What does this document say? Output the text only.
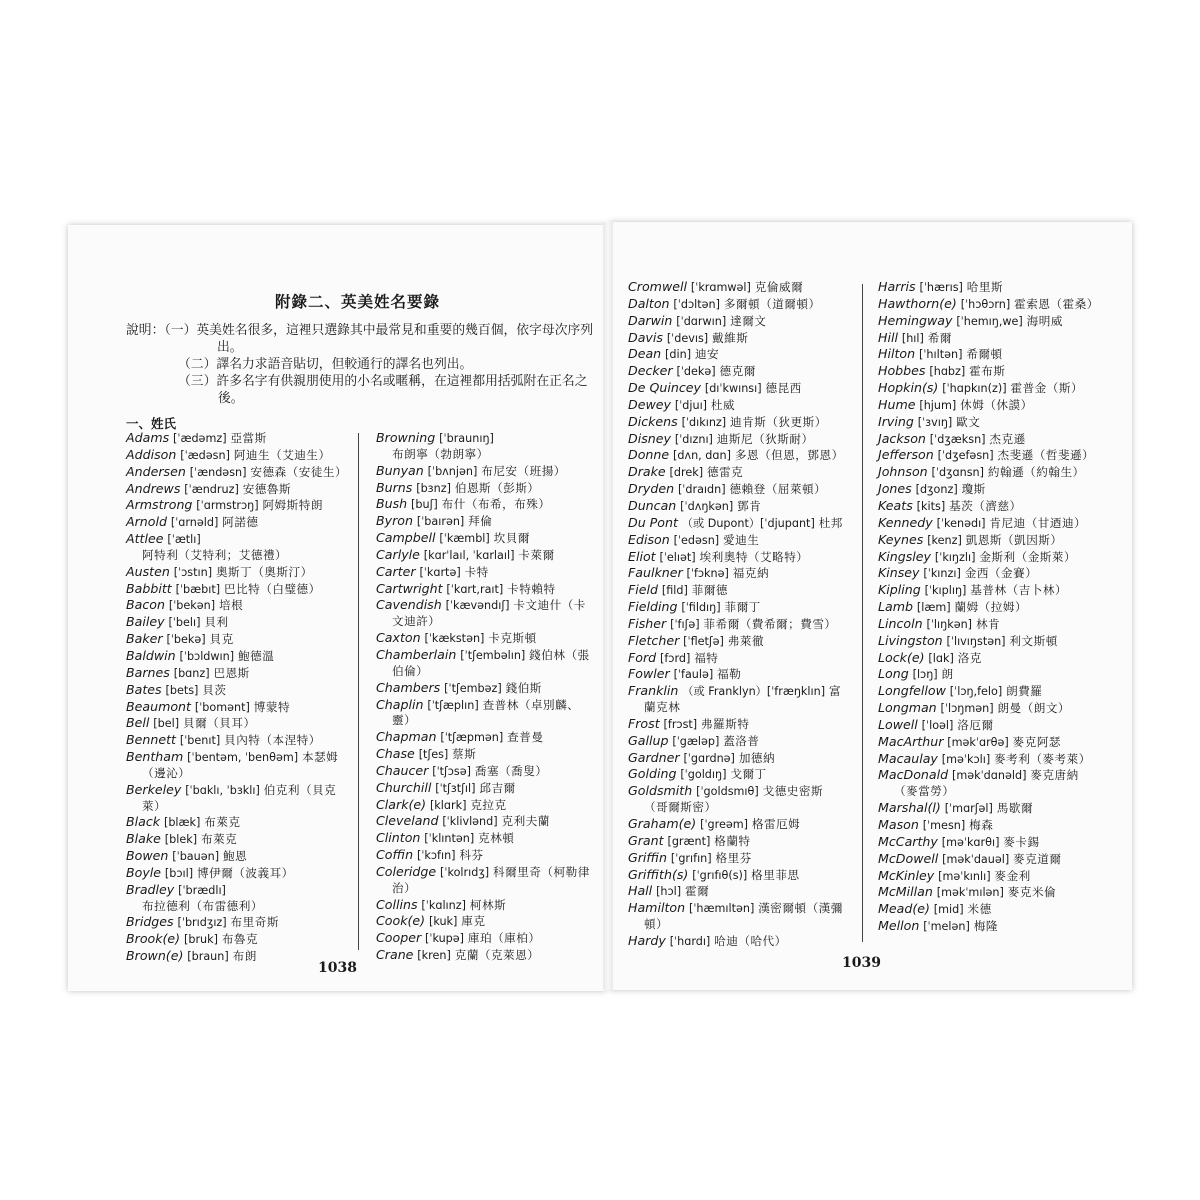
附錄二、英美姓名要錄

說明：（一）英美姓名很多，這裡只選錄其中最常見和重要的幾百個，依字母次序列出。

（二）譯名力求語音貼切，但較通行的譯名也列出。

（三）許多名字有供親朋使用的小名或暱稱，在這裡都用括弧附在正名之後。

一、姓氏
Adams [ˈædəmz] 亞當斯
Addison [ˈædəsn] 阿迪生（艾迪生）
Andersen [ˈændəsn] 安德森（安徒生）
Andrews [ˈændruz] 安德魯斯
Armstrong [ˈɑrmstrɔŋ] 阿姆斯特朗
Arnold [ˈɑrnəld] 阿諾德
Attlee [ˈætlı] 阿特利（艾特利；艾德禮）
Austen [ˈɔstın] 奧斯丁（奧斯汀）
Babbitt [ˈbæbıt] 巴比特（白璧德）
Bacon [ˈbekən] 培根
Bailey [ˈbelı] 貝利
Baker [ˈbekə] 貝克
Baldwin [ˈbɔldwın] 鮑德溫
Barnes [bɑnz] 巴恩斯
Bates [bets] 貝茨
Beaumont [ˈbomənt] 博蒙特
Bell [bel] 貝爾（貝耳）
Bennett [ˈbenıt] 貝內特（本涅特）
Bentham [ˈbentəm, ˈbenθəm] 本瑟姆（邊沁）
Berkeley [ˈbɑklı, ˈbɜklı] 伯克利（貝克萊）
Black [blæk] 布萊克
Blake [blek] 布萊克
Bowen [ˈbauən] 鮑恩
Boyle [bɔıl] 博伊爾（波義耳）
Bradley [ˈbrædlı] 布拉德利（布雷德利）
Bridges [ˈbrıdʒız] 布里奇斯
Brook(e) [bruk] 布魯克
Brown(e) [braun] 布朗
Browning [ˈbraunıŋ] 布朗寧（勃朗寧）
Bunyan [ˈbʌnjən] 布尼安（班揚）
Burns [bɜnz] 伯恩斯（彭斯）
Bush [buʃ] 布什（布希，布殊）
Byron [ˈbaırən] 拜倫
Campbell [ˈkæmbl] 坎貝爾
Carlyle [kɑrˈlaıl, ˈkɑrlaıl] 卡萊爾
Carter [ˈkɑrtə] 卡特
Cartwright [ˈkɑrt,raıt] 卡特賴特
Cavendish [ˈkævəndıʃ] 卡文迪什（卡文迪許）
Caxton [ˈkækstən] 卡克斯頓
Chamberlain [ˈtʃembəlın] 錢伯林（張伯倫）
Chambers [ˈtʃembəz] 錢伯斯
Chaplin [ˈtʃæplın] 查普林（卓別麟、靈）
Chapman [ˈtʃæpmən] 查普曼
Chase [tʃes] 蔡斯
Chaucer [ˈtʃɔsə] 喬塞（喬叟）
Churchill [ˈtʃɜtʃıl] 邱吉爾
Clark(e) [klɑrk] 克拉克
Cleveland [ˈklivlənd] 克利夫蘭
Clinton [ˈklıntən] 克林頓
Coffin [ˈkɔfın] 科芬
Coleridge [ˈkolrıdʒ] 科爾里奇（柯勒律治）
Collins [ˈkɑlınz] 柯林斯
Cook(e) [kuk] 庫克
Cooper [ˈkupə] 庫珀（庫柏）
Crane [kren] 克蘭（克萊恩）
Cromwell [ˈkrɑmwəl] 克倫威爾
Dalton [ˈdɔltən] 多爾頓（道爾頓）
Darwin [ˈdɑrwın] 達爾文
Davis [ˈdevıs] 戴維斯
Dean [din] 迪安
Decker [ˈdekə] 德克爾
De Quincey [dıˈkwınsı] 德昆西
Dewey [ˈdjuı] 杜威
Dickens [ˈdıkınz] 迪肯斯（狄更斯）
Disney [ˈdıznı] 迪斯尼（狄斯耐）
Donne [dʌn, dɑn] 多恩（但恩，鄧恩）
Drake [drek] 德雷克
Dryden [ˈdraıdn] 德賴登（屈萊頓）
Duncan [ˈdʌŋkən] 鄧肯
Du Pont （或 Dupont）[ˈdjupɑnt] 杜邦
Edison [ˈedəsn] 愛迪生
Eliot [ˈelıət] 埃利奧特（艾略特）
Faulkner [ˈfɔknə] 福克納
Field [fild] 菲爾德
Fielding [ˈfildıŋ] 菲爾丁
Fisher [ˈfıʃə] 菲希爾（費希爾；費雪）
Fletcher [ˈfletʃə] 弗萊徹
Ford [fɔrd] 福特
Fowler [ˈfaulə] 福勒
Franklin （或 Franklyn）[ˈfræŋklın] 富蘭克林
Frost [frɔst] 弗羅斯特
Gallup [ˈgæləp] 蓋洛普
Gardner [ˈgɑrdnə] 加德納
Golding [ˈgoldıŋ] 戈爾丁
Goldsmith [ˈgoldsmıθ] 戈德史密斯（哥爾斯密）
Graham(e) [ˈgreəm] 格雷厄姆
Grant [grænt] 格蘭特
Griffin [ˈgrıfın] 格里芬
Griffith(s) [ˈgrıfıθ(s)] 格里菲思
Hall [hɔl] 霍爾
Hamilton [ˈhæmıltən] 漢密爾頓（漢彌頓）
Hardy [ˈhɑrdı] 哈迪（哈代）
Harris [ˈhærıs] 哈里斯
Hawthorn(e) [ˈhɔθɔrn] 霍索恩（霍桑）
Hemingway [ˈhemıŋ,we] 海明威
Hill [hıl] 希爾
Hilton [ˈhıltən] 希爾頓
Hobbes [hɑbz] 霍布斯
Hopkin(s) [ˈhɑpkın(z)] 霍普金（斯）
Hume [hjum] 休姆（休謨）
Irving [ˈɜvıŋ] 歐文
Jackson [ˈdʒæksn] 杰克遜
Jefferson [ˈdʒefəsn] 杰斐遜（哲斐遜）
Johnson [ˈdʒɑnsn] 約翰遜（約翰生）
Jones [dʒonz] 瓊斯
Keats [kits] 基茨（濟慈）
Kennedy [ˈkenədı] 肯尼迪（甘迺迪）
Keynes [kenz] 凱恩斯（凱因斯）
Kingsley [ˈkıŋzlı] 金斯利（金斯萊）
Kinsey [ˈkınzı] 金西（金賽）
Kipling [ˈkıplıŋ] 基普林（吉卜林）
Lamb [læm] 蘭姆（拉姆）
Lincoln [ˈlıŋkən] 林肯
Livingston [ˈlıvıŋstən] 利文斯頓
Lock(e) [lɑk] 洛克
Long [lɔŋ] 朗
Longfellow [ˈlɔŋ,felo] 朗費羅
Longman [ˈlɔŋmən] 朗曼（朗文）
Lowell [ˈloəl] 洛厄爾
MacArthur [məkˈɑrθə] 麥克阿瑟
Macaulay [məˈkɔlı] 麥考利（麥考萊）
MacDonald [məkˈdɑnəld] 麥克唐納（麥當勞）
Marshal(l) [ˈmɑrʃəl] 馬歇爾
Mason [ˈmesn] 梅森
McCarthy [məˈkɑrθı] 麥卡錫
McDowell [məkˈdauəl] 麥克道爾
McKinley [məˈkınlı] 麥金利
McMillan [məkˈmılən] 麥克米倫
Mead(e) [mid] 米德
Mellon [ˈmelən] 梅隆
1038	1039
